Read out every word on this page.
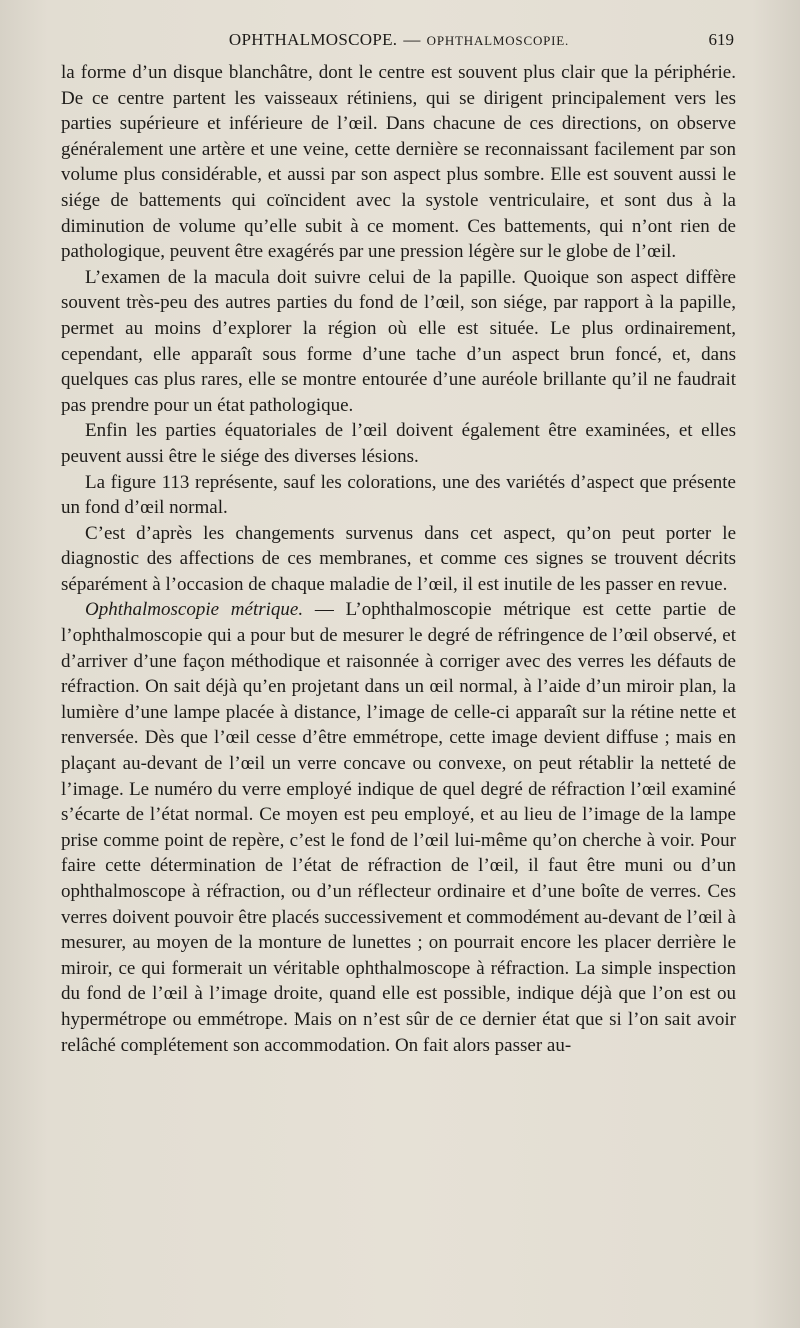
OPHTHALMOSCOPE. — OPHTHALMOSCOPIE.	619

la forme d’un disque blanchâtre, dont le centre est souvent plus clair que la périphérie. De ce centre partent les vaisseaux rétiniens, qui se dirigent principalement vers les parties supérieure et inférieure de l’œil. Dans chacune de ces directions, on observe généralement une artère et une veine, cette dernière se reconnaissant facilement par son volume plus considérable, et aussi par son aspect plus sombre. Elle est souvent aussi le siége de battements qui coïncident avec la systole ventriculaire, et sont dus à la diminution de volume qu’elle subit à ce moment. Ces battements, qui n’ont rien de pathologique, peuvent être exagérés par une pression légère sur le globe de l’œil.

L’examen de la macula doit suivre celui de la papille. Quoique son aspect diffère souvent très-peu des autres parties du fond de l’œil, son siége, par rapport à la papille, permet au moins d’explorer la région où elle est située. Le plus ordinairement, cependant, elle apparaît sous forme d’une tache d’un aspect brun foncé, et, dans quelques cas plus rares, elle se montre entourée d’une auréole brillante qu’il ne faudrait pas prendre pour un état pathologique.

Enfin les parties équatoriales de l’œil doivent également être examinées, et elles peuvent aussi être le siége des diverses lésions.

La figure 113 représente, sauf les colorations, une des variétés d’aspect que présente un fond d’œil normal.

C’est d’après les changements survenus dans cet aspect, qu’on peut porter le diagnostic des affections de ces membranes, et comme ces signes se trouvent décrits séparément à l’occasion de chaque maladie de l’œil, il est inutile de les passer en revue.

Ophthalmoscopie métrique. — L’ophthalmoscopie métrique est cette partie de l’ophthalmoscopie qui a pour but de mesurer le degré de réfringence de l’œil observé, et d’arriver d’une façon méthodique et raisonnée à corriger avec des verres les défauts de réfraction. On sait déjà qu’en projetant dans un œil normal, à l’aide d’un miroir plan, la lumière d’une lampe placée à distance, l’image de celle-ci apparaît sur la rétine nette et renversée. Dès que l’œil cesse d’être emmétrope, cette image devient diffuse ; mais en plaçant au-devant de l’œil un verre concave ou convexe, on peut rétablir la netteté de l’image. Le numéro du verre employé indique de quel degré de réfraction l’œil examiné s’écarte de l’état normal. Ce moyen est peu employé, et au lieu de l’image de la lampe prise comme point de repère, c’est le fond de l’œil lui-même qu’on cherche à voir. Pour faire cette détermination de l’état de réfraction de l’œil, il faut être muni ou d’un ophthalmoscope à réfraction, ou d’un réflecteur ordinaire et d’une boîte de verres. Ces verres doivent pouvoir être placés successivement et commodément au-devant de l’œil à mesurer, au moyen de la monture de lunettes ; on pourrait encore les placer derrière le miroir, ce qui formerait un véritable ophthalmoscope à réfraction. La simple inspection du fond de l’œil à l’image droite, quand elle est possible, indique déjà que l’on est ou hypermétrope ou emmétrope. Mais on n’est sûr de ce dernier état que si l’on sait avoir relâché complétement son accommodation. On fait alors passer au-
